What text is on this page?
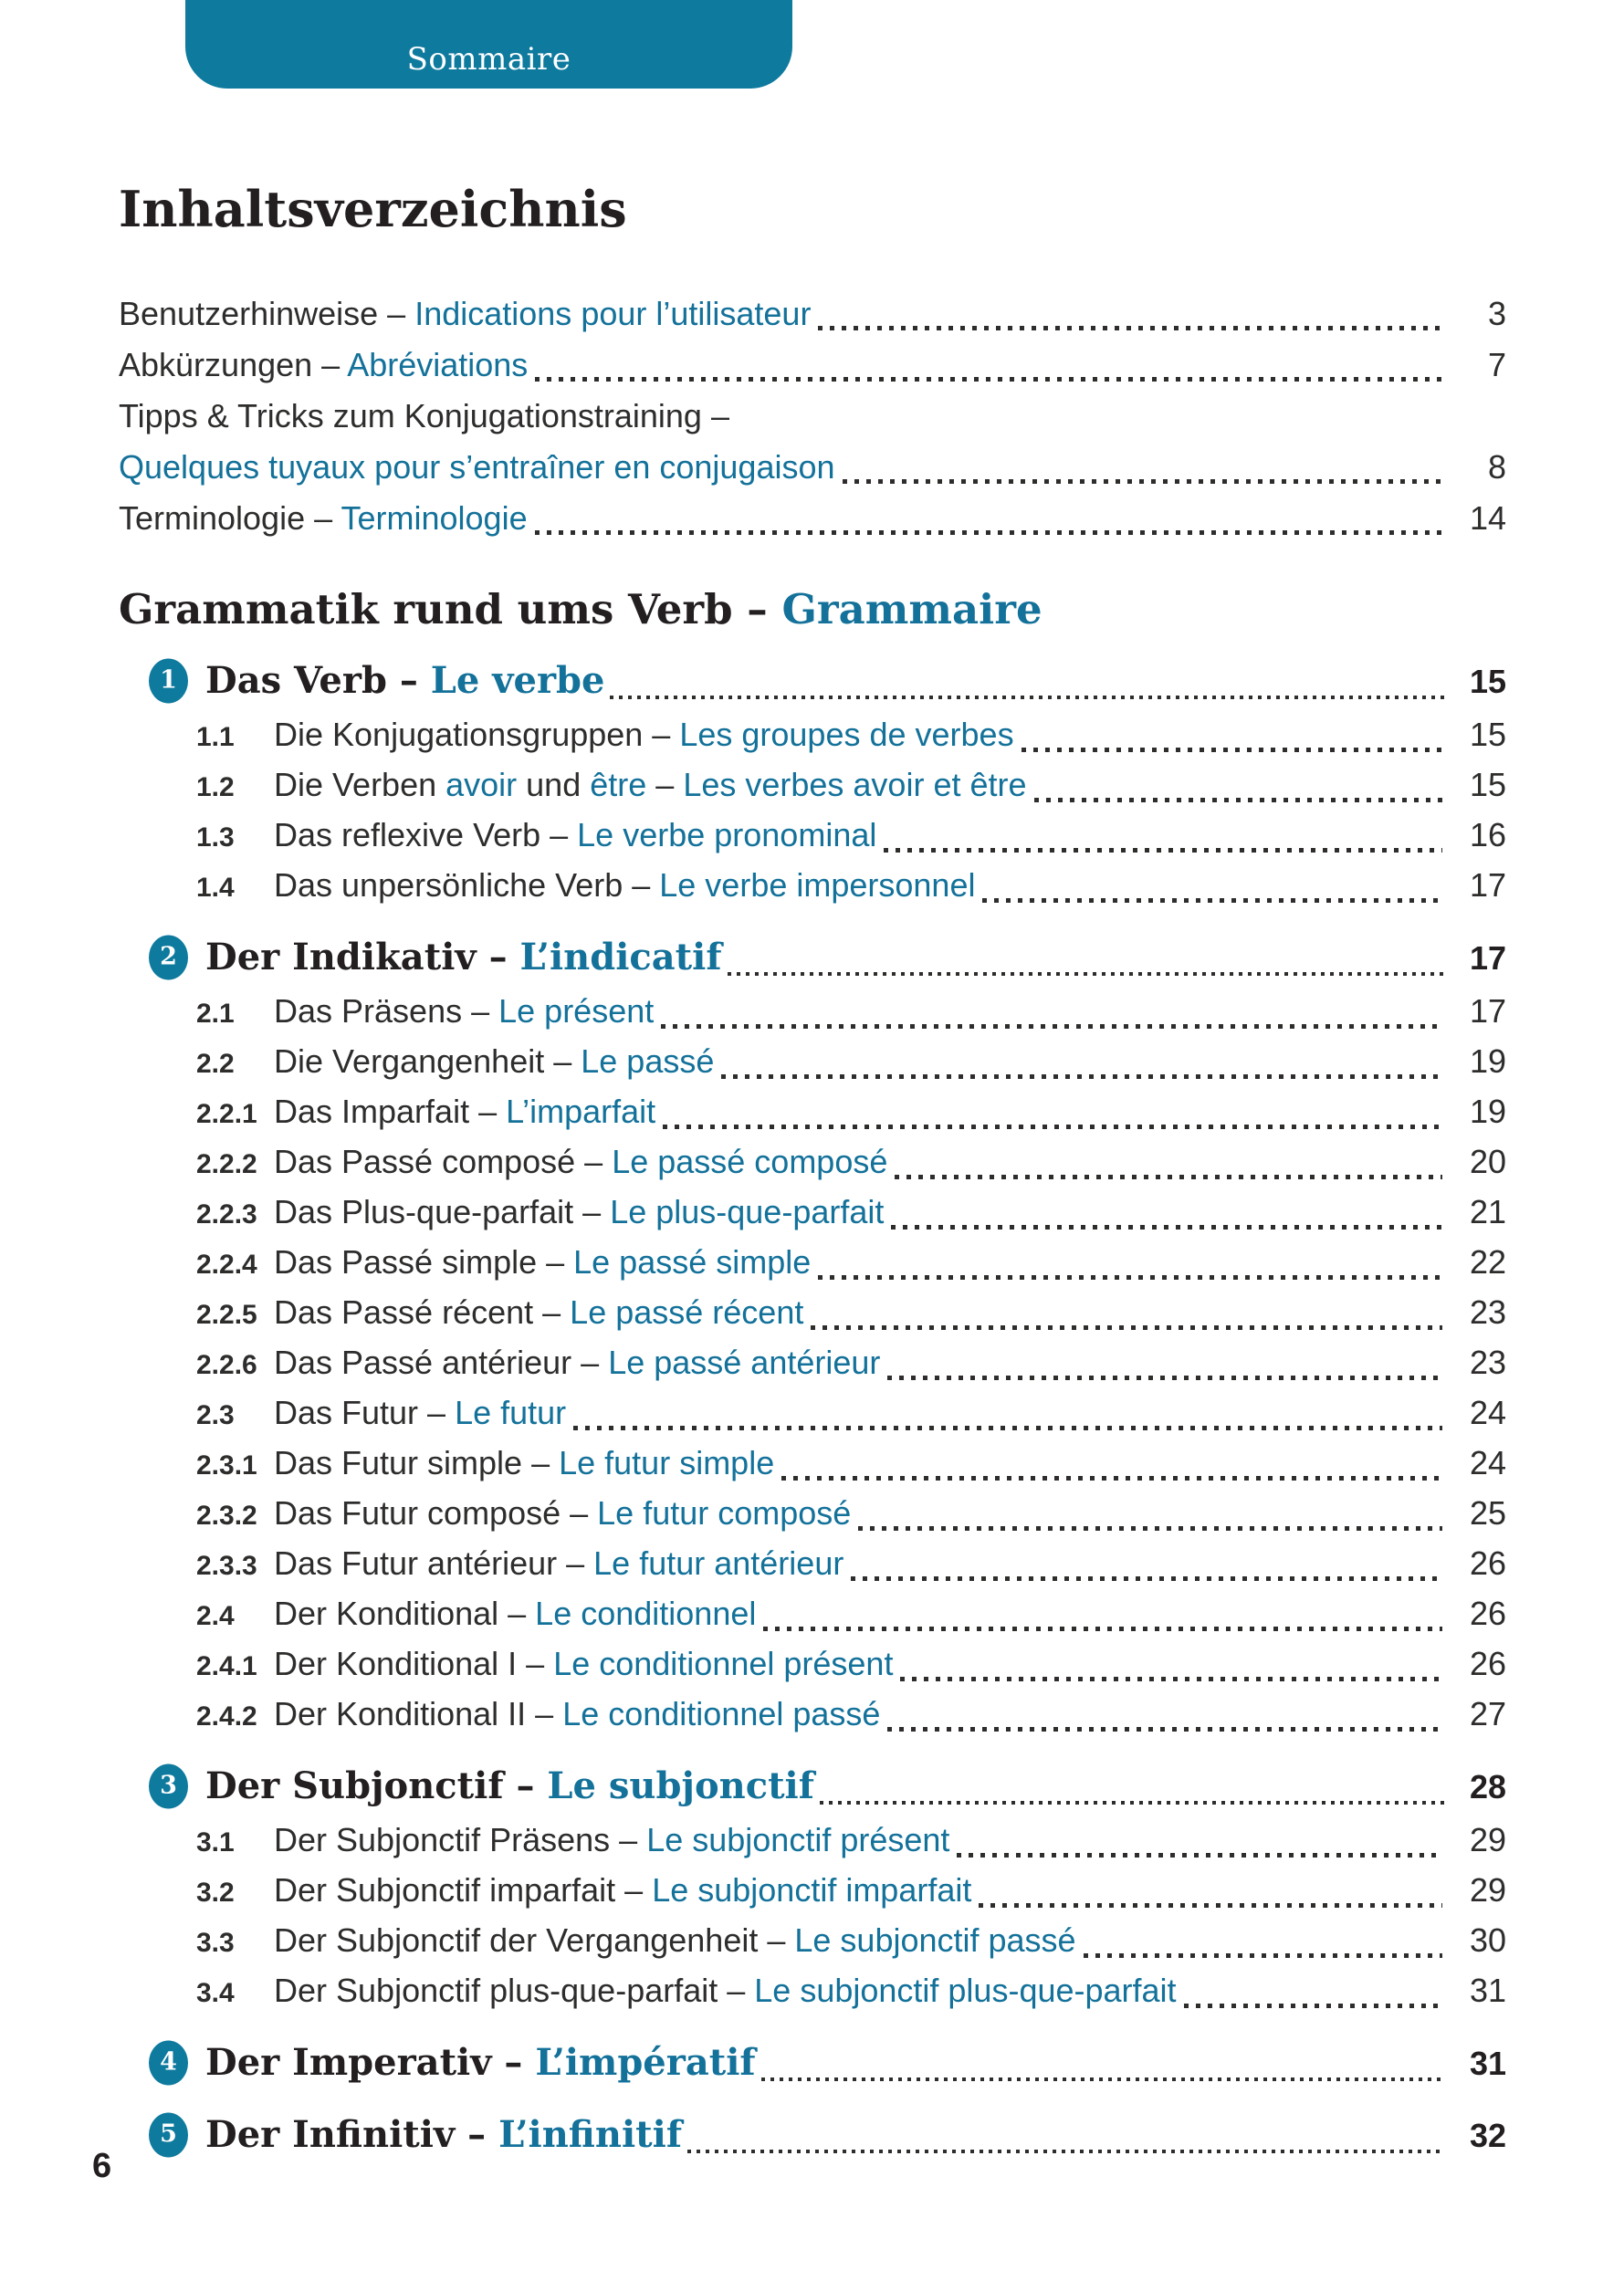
Sommaire
Inhaltsverzeichnis
Benutzerhinweise – Indications pour l’utilisateur	3
Abkürzungen – Abréviations	7
Tipps & Tricks zum Konjugationstraining –
Quelques tuyaux pour s’entraîner en conjugaison	8
Terminologie – Terminologie	14
Grammatik rund ums Verb – Grammaire
1 Das Verb – Le verbe	15
1.1	Die Konjugationsgruppen – Les groupes de verbes	15
1.2	Die Verben avoir und être – Les verbes avoir et être	15
1.3	Das reflexive Verb – Le verbe pronominal	16
1.4	Das unpersönliche Verb – Le verbe impersonnel	17
2 Der Indikativ – L’indicatif	17
2.1	Das Präsens – Le présent	17
2.2	Die Vergangenheit – Le passé	19
2.2.1 Das Imparfait – L’imparfait	19
2.2.2 Das Passé composé – Le passé composé	20
2.2.3 Das Plus-que-parfait – Le plus-que-parfait	21
2.2.4 Das Passé simple – Le passé simple	22
2.2.5 Das Passé récent – Le passé récent	23
2.2.6 Das Passé antérieur – Le passé antérieur	23
2.3	Das Futur – Le futur	24
2.3.1 Das Futur simple – Le futur simple	24
2.3.2 Das Futur composé – Le futur composé	25
2.3.3 Das Futur antérieur – Le futur antérieur	26
2.4	Der Konditional – Le conditionnel	26
2.4.1 Der Konditional I – Le conditionnel présent	26
2.4.2 Der Konditional II – Le conditionnel passé	27
3 Der Subjonctif – Le subjonctif	28
3.1	Der Subjonctif Präsens – Le subjonctif présent	29
3.2	Der Subjonctif imparfait – Le subjonctif imparfait	29
3.3	Der Subjonctif der Vergangenheit – Le subjonctif passé	30
3.4	Der Subjonctif plus-que-parfait – Le subjonctif plus-que-parfait	31
4 Der Imperativ – L’impératif	31
5 Der Infinitiv – L’infinitif	32
6
